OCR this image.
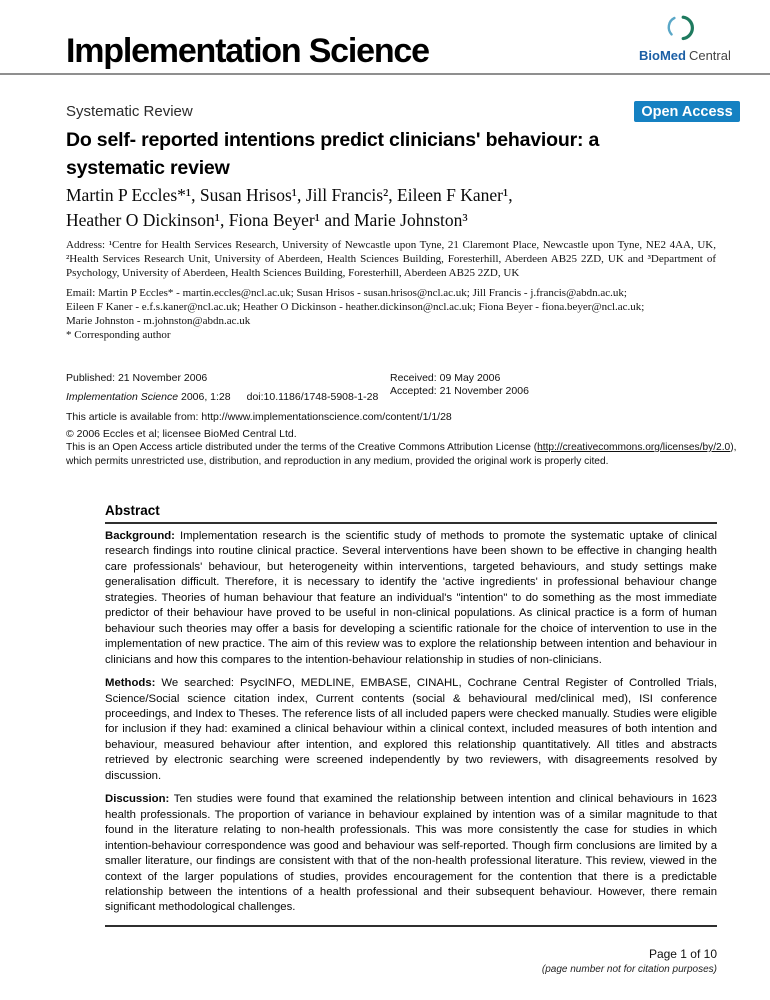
Implementation Science	BioMed Central
Systematic Review	Open Access
Do self- reported intentions predict clinicians' behaviour: a
systematic review
Martin P Eccles*¹, Susan Hrisos¹, Jill Francis², Eileen F Kaner¹,
Heather O Dickinson¹, Fiona Beyer¹ and Marie Johnston³
Address: ¹Centre for Health Services Research, University of Newcastle upon Tyne, 21 Claremont Place, Newcastle upon Tyne, NE2 4AA, UK,
²Health Services Research Unit, University of Aberdeen, Health Sciences Building, Foresterhill, Aberdeen AB25 2ZD, UK and ³Department of
Psychology, University of Aberdeen, Health Sciences Building, Foresterhill, Aberdeen AB25 2ZD, UK
Email: Martin P Eccles* - martin.eccles@ncl.ac.uk; Susan Hrisos - susan.hrisos@ncl.ac.uk; Jill Francis - j.francis@abdn.ac.uk;
Eileen F Kaner - e.f.s.kaner@ncl.ac.uk; Heather O Dickinson - heather.dickinson@ncl.ac.uk; Fiona Beyer - fiona.beyer@ncl.ac.uk;
Marie Johnston - m.johnston@abdn.ac.uk
* Corresponding author
Published: 21 November 2006
Implementation Science 2006, 1:28 doi:10.1186/1748-5908-1-28
Received: 09 May 2006
Accepted: 21 November 2006
This article is available from: http://www.implementationscience.com/content/1/1/28
© 2006 Eccles et al; licensee BioMed Central Ltd.
This is an Open Access article distributed under the terms of the Creative Commons Attribution License (http://creativecommons.org/licenses/by/2.0),
which permits unrestricted use, distribution, and reproduction in any medium, provided the original work is properly cited.
Abstract

Background: Implementation research is the scientific study of methods to promote the systematic uptake of clinical research findings into routine clinical practice. Several interventions have been shown to be effective in changing health care professionals' behaviour, but heterogeneity within interventions, targeted behaviours, and study settings make generalisation difficult. Therefore, it is necessary to identify the 'active ingredients' in professional behaviour change strategies. Theories of human behaviour that feature an individual's "intention" to do something as the most immediate predictor of their behaviour have proved to be useful in non-clinical populations. As clinical practice is a form of human behaviour such theories may offer a basis for developing a scientific rationale for the choice of intervention to use in the implementation of new practice. The aim of this review was to explore the relationship between intention and behaviour in clinicians and how this compares to the intention-behaviour relationship in studies of non-clinicians.

Methods: We searched: PsycINFO, MEDLINE, EMBASE, CINAHL, Cochrane Central Register of Controlled Trials, Science/Social science citation index, Current contents (social & behavioural med/clinical med), ISI conference proceedings, and Index to Theses. The reference lists of all included papers were checked manually. Studies were eligible for inclusion if they had: examined a clinical behaviour within a clinical context, included measures of both intention and behaviour, measured behaviour after intention, and explored this relationship quantitatively. All titles and abstracts retrieved by electronic searching were screened independently by two reviewers, with disagreements resolved by discussion.

Discussion: Ten studies were found that examined the relationship between intention and clinical behaviours in 1623 health professionals. The proportion of variance in behaviour explained by intention was of a similar magnitude to that found in the literature relating to non-health professionals. This was more consistently the case for studies in which intention-behaviour correspondence was good and behaviour was self-reported. Though firm conclusions are limited by a smaller literature, our findings are consistent with that of the non-health professional literature. This review, viewed in the context of the larger populations of studies, provides encouragement for the contention that there is a predictable relationship between the intentions of a health professional and their subsequent behaviour. However, there remain significant methodological challenges.

Page 1 of 10
(page number not for citation purposes)
